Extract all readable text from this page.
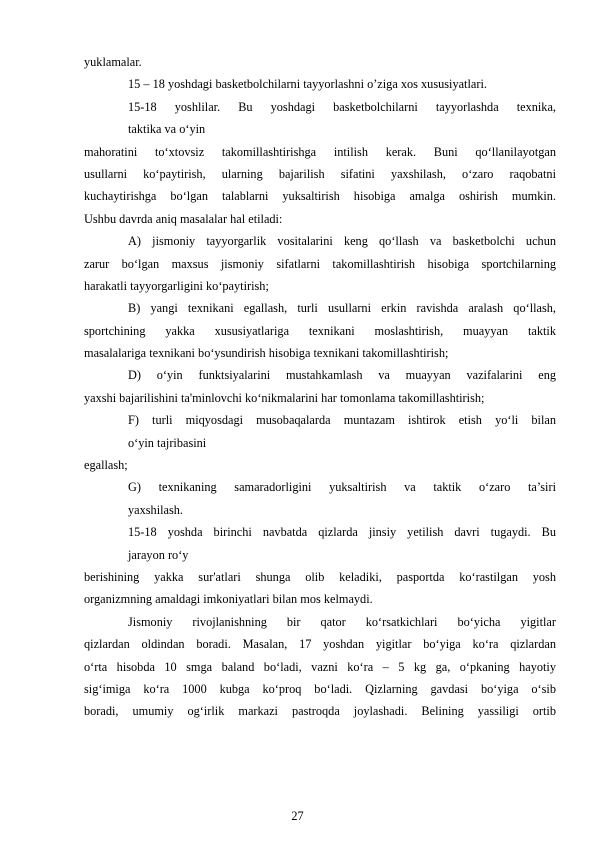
yuklamalar.
15 – 18 yoshdagi basketbolchilarni tayyorlashni o’ziga xos xususiyatlari.
15-18 yoshlilar. Bu yoshdagi basketbolchilarni tayyorlashda texnika,
taktika va o‘yin
mahoratini to‘xtovsiz takomillashtirishga intilish kerak. Buni qo‘llanilayotgan
usullarni ko‘paytirish, ularning bajarilish sifatini yaxshilash, o‘zaro raqobatni
kuchaytirishga bo‘lgan talablarni yuksaltirish hisobiga amalga oshirish mumkin.
Ushbu davrda aniq masalalar hal etiladi:
A) jismoniy tayyorgarlik vositalarini keng qo‘llash va basketbolchi uchun
zarur bo‘lgan maxsus jismoniy sifatlarni takomillashtirish hisobiga sportchilarning
harakatli tayyorgarligini ko‘paytirish;
B) yangi texnikani egallash, turli usullarni erkin ravishda aralash qo‘llash,
sportchining yakka xususiyatlariga texnikani moslashtirish, muayyan taktik
masalalariga texnikani bo‘ysundirish hisobiga texnikani takomillashtirish;
D) o‘yin funktsiyalarini mustahkamlash va muayyan vazifalarini eng
yaxshi bajarilishini ta'minlovchi ko‘nikmalarini har tomonlama takomillashtirish;
F) turli miqyosdagi musobaqalarda muntazam ishtirok etish yo‘li bilan
o‘yin tajribasini
egallash;
G) texnikaning samaradorligini yuksaltirish va taktik o‘zaro ta’siri
yaxshilash.
15-18 yoshda birinchi navbatda qizlarda jinsiy yetilish davri tugaydi. Bu
jarayon ro‘y
berishining yakka sur'atlari shunga olib keladiki, pasportda ko‘rastilgan yosh
organizmning amaldagi imkoniyatlari bilan mos kelmaydi.
Jismoniy rivojlanishning bir qator ko‘rsatkichlari bo‘yicha yigitlar
qizlardan oldindan boradi. Masalan, 17 yoshdan yigitlar bo‘yiga ko‘ra qizlardan
o‘rta hisobda 10 smga baland bo‘ladi, vazni ko‘ra – 5 kg ga, o‘pkaning hayotiy
sig‘imiga ko‘ra 1000 kubga ko‘proq bo‘ladi. Qizlarning gavdasi bo‘yiga o‘sib
boradi, umumiy og‘irlik markazi pastroqda joylashadi. Belining yassiligi ortib
27
